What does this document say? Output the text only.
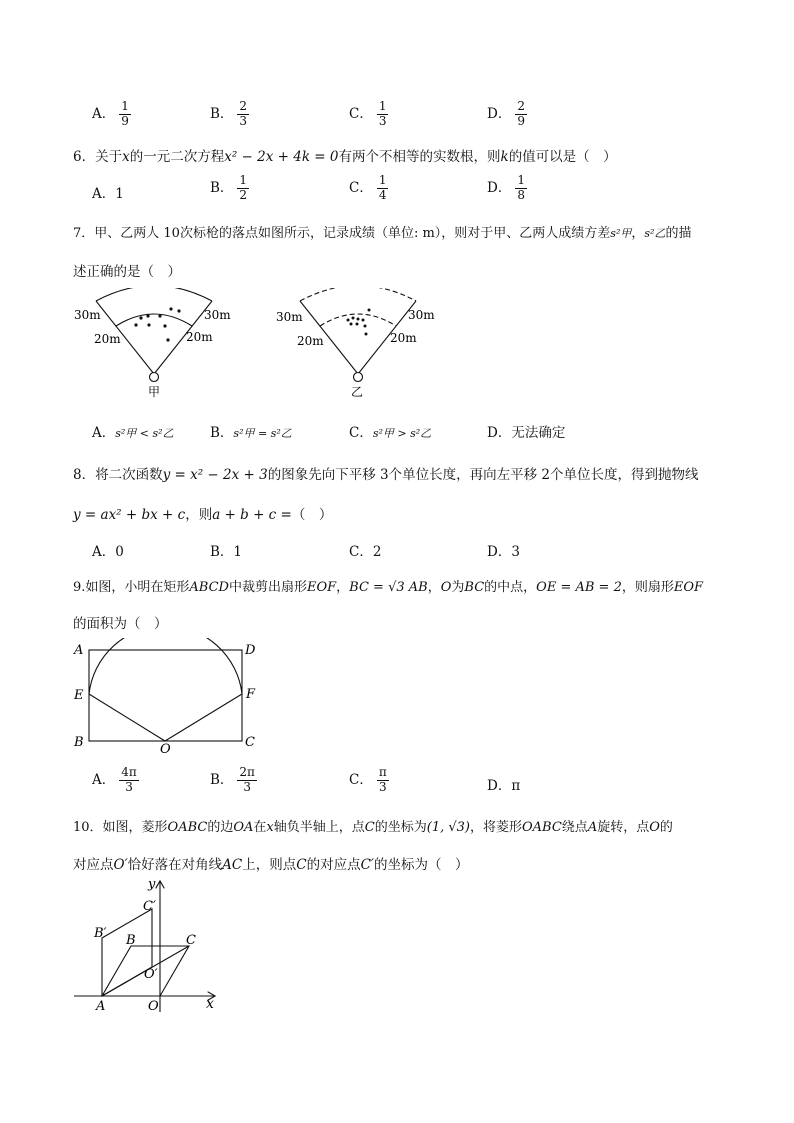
A． $\frac{1}{9}$	B． $\frac{2}{3}$	C． $\frac{1}{3}$	D． $\frac{2}{9}$
6．关于x的一元二次方程x² − 2x + 4k = 0有两个不相等的实数根，则k的值可以是（　）
A．1	B． $\frac{1}{2}$	C． $\frac{1}{4}$	D． $\frac{1}{8}$
7．甲、乙两人 10次标枪的落点如图所示，记录成绩（单位: m），则对于甲、乙两人成绩方差s²甲，s²乙的描
述正确的是（　）
30m
20m
30m
20m
甲
30m
20m
30m
20m
乙
A．s²甲 < s²乙	B．s²甲 = s²乙	C．s²甲 > s²乙	D．无法确定
8．将二次函数y = x² − 2x + 3的图象先向下平移 3个单位长度，再向左平移 2个单位长度，得到抛物线
y = ax² + bx + c，则a + b + c =（　）
A．0	B．1	C．2	D．3
9.如图，小明在矩形ABCD中裁剪出扇形EOF，BC = √3 AB，O为BC的中点，OE = AB = 2，则扇形EOF
的面积为（　）
A	D
E	F
B	C
O
A． $\frac{4\pi}{3}$	B． $\frac{2\pi}{3}$	C． $\frac{\pi}{3}$	D．π
10．如图，菱形OABC的边OA在x轴负半轴上，点C的坐标为(1, √3)，将菱形OABC绕点A旋转，点O的
对应点O′恰好落在对角线AC上，则点C的对应点C′的坐标为（　）
x
y
C′
B′ B	C
O′
A	O
